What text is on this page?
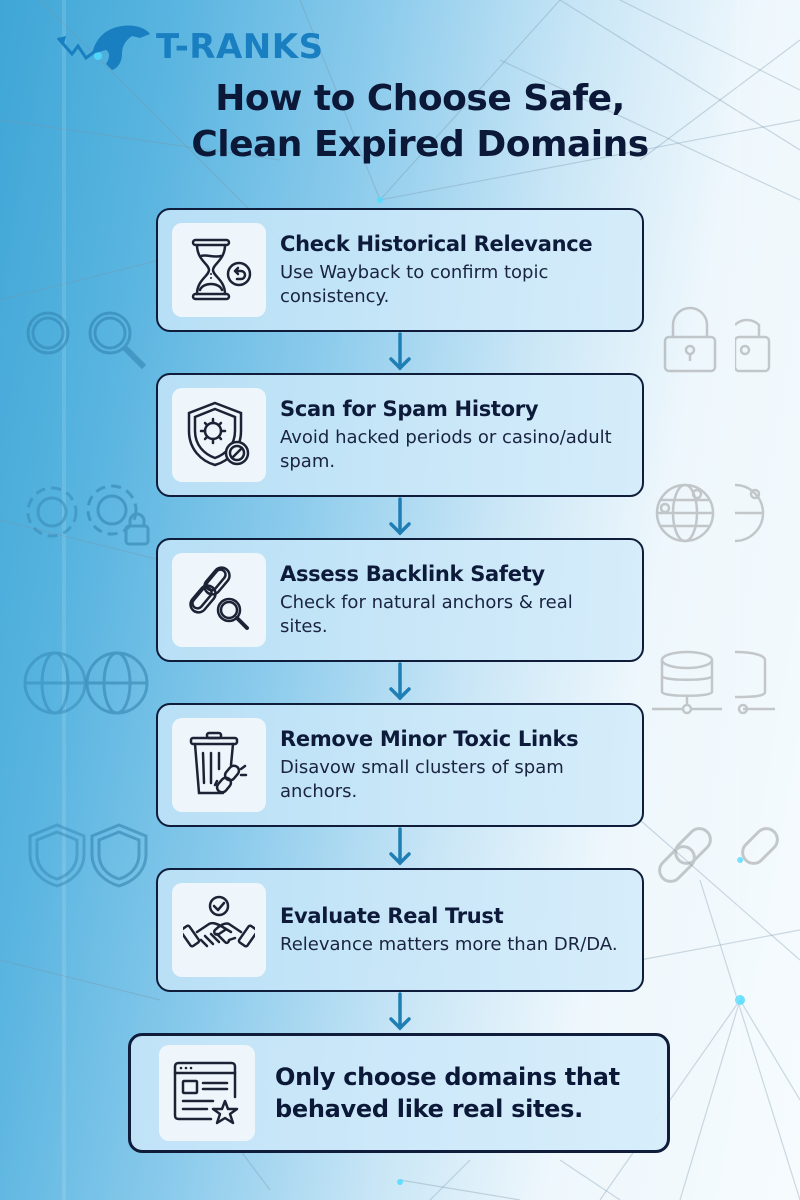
T-RANKS
How to Choose Safe,
Clean Expired Domains
Check Historical Relevance
Use Wayback to confirm topic consistency.
Scan for Spam History
Avoid hacked periods or casino/adult spam.
Assess Backlink Safety
Check for natural anchors & real sites.
Remove Minor Toxic Links
Disavow small clusters of spam anchors.
Evaluate Real Trust
Relevance matters more than DR/DA.
Only choose domains that behaved like real sites.
